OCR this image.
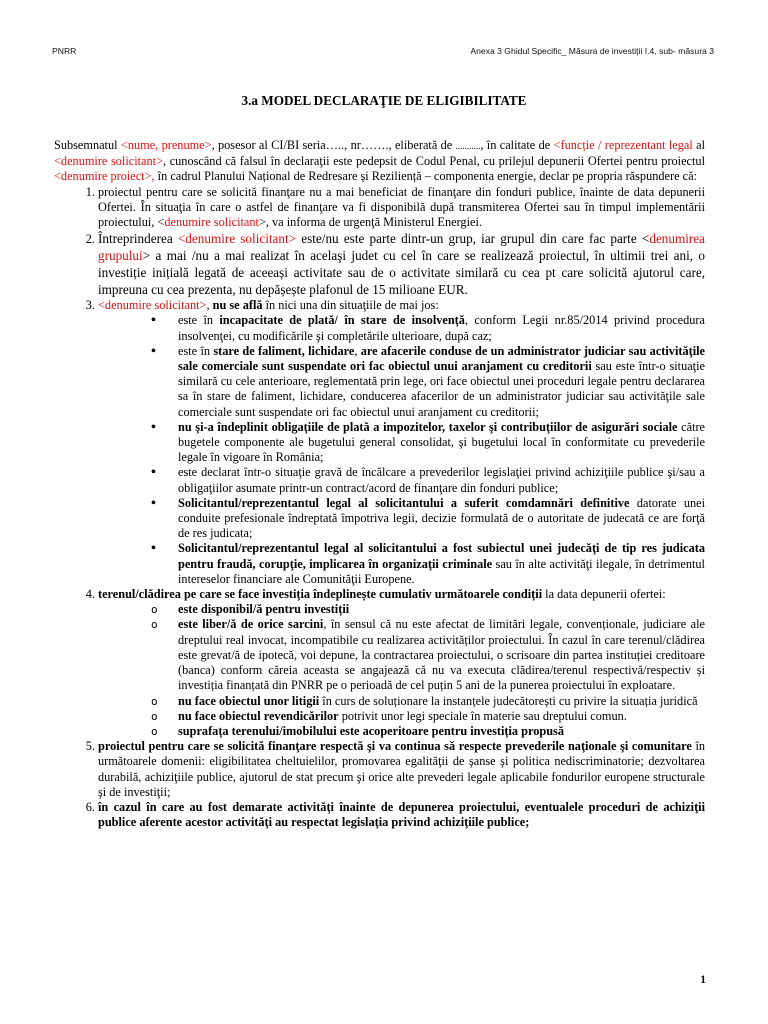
PNRR	Anexa 3 Ghidul Specific_ Măsura de investiții I.4, sub- măsura 3
3.a MODEL DECLARAŢIE DE ELIGIBILITATE

Subsemnatul <nume, prenume>, posesor al CI/BI seria….., nr……., eliberată de ..........., în calitate de <funcție / reprezentant legal al <denumire solicitant>, cunoscând că falsul în declaraţii este pedepsit de Codul Penal, cu prilejul depunerii Ofertei pentru proiectul <denumire proiect>, în cadrul Planului Național de Redresare și Reziliență – componenta energie, declar pe propria răspundere că:

1. proiectul pentru care se solicită finanţare nu a mai beneficiat de finanţare din fonduri publice, înainte de data depunerii Ofertei. În situaţia în care o astfel de finanţare va fi disponibilă după transmiterea Ofertei sau în timpul implementării proiectului, <denumire solicitant>, va informa de urgenţă Ministerul Energiei.
2. Întreprinderea <denumire solicitant> este/nu este parte dintr-un grup, iar grupul din care fac parte <denumirea grupului> a mai /nu a mai realizat în acelaşi judet cu cel în care se realizează proiectul, în ultimii trei ani, o investiție inițială legată de aceeași activitate sau de o activitate similară cu cea pt care solicită ajutorul care, impreuna cu cea prezenta, nu depășește plafonul de 15 milioane EUR.
3. <denumire solicitant>, nu se află în nici una din situaţiile de mai jos:
• este în incapacitate de plată/ în stare de insolvenţă, conform Legii nr.85/2014 privind procedura insolvenţei, cu modificările şi completările ulterioare, după caz;
• este în stare de faliment, lichidare, are afacerile conduse de un administrator judiciar sau activităţile sale comerciale sunt suspendate ori fac obiectul unui aranjament cu creditorii sau este într-o situaţie similară cu cele anterioare, reglementată prin lege, ori face obiectul unei proceduri legale pentru declararea sa în stare de faliment, lichidare, conducerea afacerilor de un administrator judiciar sau activităţile sale comerciale sunt suspendate ori fac obiectul unui aranjament cu creditorii;
• nu şi-a îndeplinit obligaţiile de plată a impozitelor, taxelor şi contribuţiilor de asigurări sociale către bugetele componente ale bugetului general consolidat, şi bugetului local în conformitate cu prevederile legale în vigoare în România;
• este declarat într-o situaţie gravă de încălcare a prevederilor legislaţiei privind achiziţiile publice şi/sau a obligaţiilor asumate printr-un contract/acord de finanţare din fonduri publice;
• Solicitantul/reprezentantul legal al solicitantului a suferit comdamnări definitive datorate unei conduite prefesionale îndreptată împotriva legii, decizie formulată de o autoritate de judecată ce are forţă de res judicata;
• Solicitantul/reprezentantul legal al solicitantului a fost subiectul unei judecăţi de tip res judicata pentru fraudă, corupţie, implicarea în organizaţii criminale sau în alte activităţi ilegale, în detrimentul intereselor financiare ale Comunităţii Europene.
4. terenul/clădirea pe care se face investiția îndeplinește cumulativ următoarele condiții la data depunerii ofertei:
o este disponibil/ă pentru investiții
o este liber/ă de orice sarcini, în sensul că nu este afectat de limitări legale, convenționale, judiciare ale dreptului real invocat, incompatibile cu realizarea activităților proiectului. În cazul în care terenul/clădirea este grevat/ă de ipotecă, voi depune, la contractarea proiectului, o scrisoare din partea instituției creditoare (banca) conform căreia aceasta se angajează că nu va executa clădirea/terenul respectivă/respectiv și investiția finanțată din PNRR pe o perioadă de cel puțin 5 ani de la punerea proiectului în exploatare.
o nu face obiectul unor litigii în curs de soluționare la instanțele judecătorești cu privire la situația juridică
o nu face obiectul revendicărilor potrivit unor legi speciale în materie sau dreptului comun.
o suprafața terenului/imobilului este acoperitoare pentru investiția propusă
5. proiectul pentru care se solicită finanţare respectă şi va continua să respecte prevederile naţionale şi comunitare în următoarele domenii: eligibilitatea cheltuielilor, promovarea egalităţii de şanse şi politica nediscriminatorie; dezvoltarea durabilă, achiziţiile publice, ajutorul de stat precum şi orice alte prevederi legale aplicabile fondurilor europene structurale şi de investiţii;
6. în cazul în care au fost demarate activităţi înainte de depunerea proiectului, eventualele proceduri de achiziţii publice aferente acestor activităţi au respectat legislaţia privind achiziţiile publice;
1
